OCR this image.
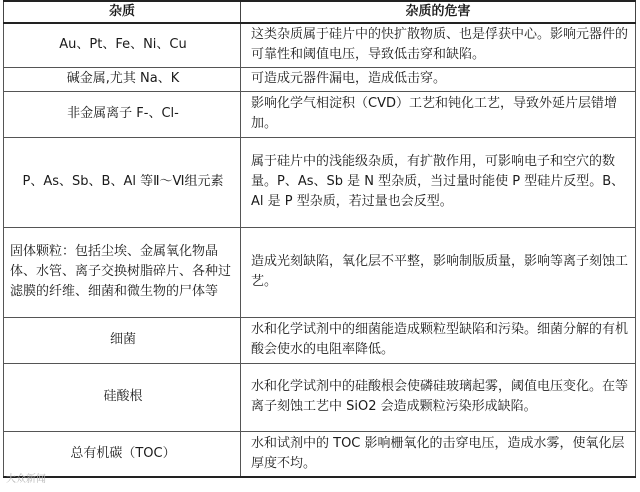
杂质	杂质的危害
Au、Pt、Fe、Ni、Cu	这类杂质属于硅片中的快扩散物质、也是俘获中心。影响元器件的可靠性和阈值电压，导致低击穿和缺陷。
碱金属,尤其 Na、K	可造成元器件漏电，造成低击穿。
非金属离子 F-、Cl-	影响化学气相淀积（CVD）工艺和钝化工艺，导致外延片层错增加。
P、As、Sb、B、Al 等Ⅱ～Ⅵ组元素	属于硅片中的浅能级杂质，有扩散作用，可影响电子和空穴的数量。P、As、Sb 是 N 型杂质，当过量时能使 P 型硅片反型。B、Al 是 P 型杂质，若过量也会反型。
固体颗粒：包括尘埃、金属氧化物晶体、水管、离子交换树脂碎片、各种过滤膜的纤维、细菌和微生物的尸体等	造成光刻缺陷，氧化层不平整，影响制版质量，影响等离子刻蚀工艺。
细菌	水和化学试剂中的细菌能造成颗粒型缺陷和污染。细菌分解的有机酸会使水的电阻率降低。
硅酸根	水和化学试剂中的硅酸根会使磷硅玻璃起雾，阈值电压变化。在等离子刻蚀工艺中 SiO2 会造成颗粒污染形成缺陷。
总有机碳（TOC）	水和试剂中的 TOC 影响栅氧化的击穿电压，造成水雾，使氧化层厚度不均。
大众新闻
